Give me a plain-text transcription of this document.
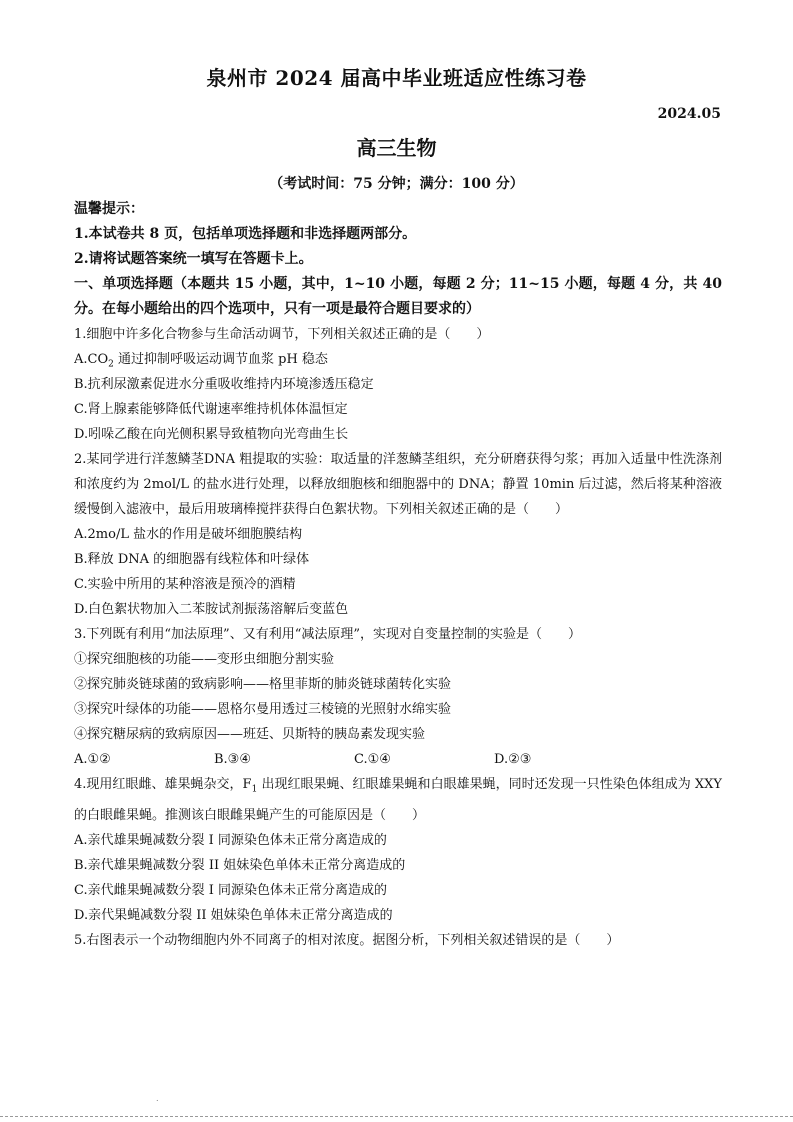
泉州市 2024 届高中毕业班适应性练习卷
2024.05
高三生物
（考试时间：75 分钟；满分：100 分）
温馨提示：
1.本试卷共 8 页，包括单项选择题和非选择题两部分。
2.请将试题答案统一填写在答题卡上。
一、单项选择题（本题共 15 小题，其中，1~10 小题，每题 2 分；11~15 小题，每题 4 分，共 40 分。在每小题给出的四个选项中，只有一项是最符合题目要求的）
1.细胞中许多化合物参与生命活动调节，下列相关叙述正确的是（　　）
$A.CO_2$ 通过抑制呼吸运动调节血浆 pH 稳态
B.抗利尿激素促进水分重吸收维持内环境渗透压稳定
C.肾上腺素能够降低代谢速率维持机体体温恒定
D.吲哚乙酸在向光侧积累导致植物向光弯曲生长
2.某同学进行洋葱鳞茎DNA 粗提取的实验：取适量的洋葱鳞茎组织，充分研磨获得匀浆；再加入适量中性洗涤剂和浓度约为 2mol/L 的盐水进行处理，以释放细胞核和细胞器中的 DNA；静置 10min 后过滤，然后将某种溶液缓慢倒入滤液中，最后用玻璃棒搅拌获得白色絮状物。下列相关叙述正确的是（　　）
A.2mo/L 盐水的作用是破坏细胞膜结构
B.释放 DNA 的细胞器有线粒体和叶绿体
C.实验中所用的某种溶液是预冷的酒精
D.白色絮状物加入二苯胺试剂振荡溶解后变蓝色
3.下列既有利用“加法原理”、又有利用“减法原理”，实现对自变量控制的实验是（　　）
①探究细胞核的功能——变形虫细胞分割实验
②探究肺炎链球菌的致病影响——格里菲斯的肺炎链球菌转化实验
③探究叶绿体的功能——恩格尔曼用透过三棱镜的光照射水绵实验
④探究糖尿病的致病原因——班廷、贝斯特的胰岛素发现实验
A.①②	B.③④	C.①④	D.②③
4.现用红眼雌、雄果蝇杂交，$F_1$ 出现红眼果蝇、红眼雄果蝇和白眼雄果蝇，同时还发现一只性染色体组成为 XXY 的白眼雌果蝇。推测该白眼雌果蝇产生的可能原因是（　　）
A.亲代雄果蝇减数分裂 I 同源染色体未正常分离造成的
B.亲代雄果蝇减数分裂 II 姐妹染色单体未正常分离造成的
C.亲代雌果蝇减数分裂 I 同源染色体未正常分离造成的
D.亲代果蝇减数分裂 II 姐妹染色单体未正常分离造成的
5.右图表示一个动物细胞内外不同离子的相对浓度。据图分析，下列相关叙述错误的是（　　）
.
